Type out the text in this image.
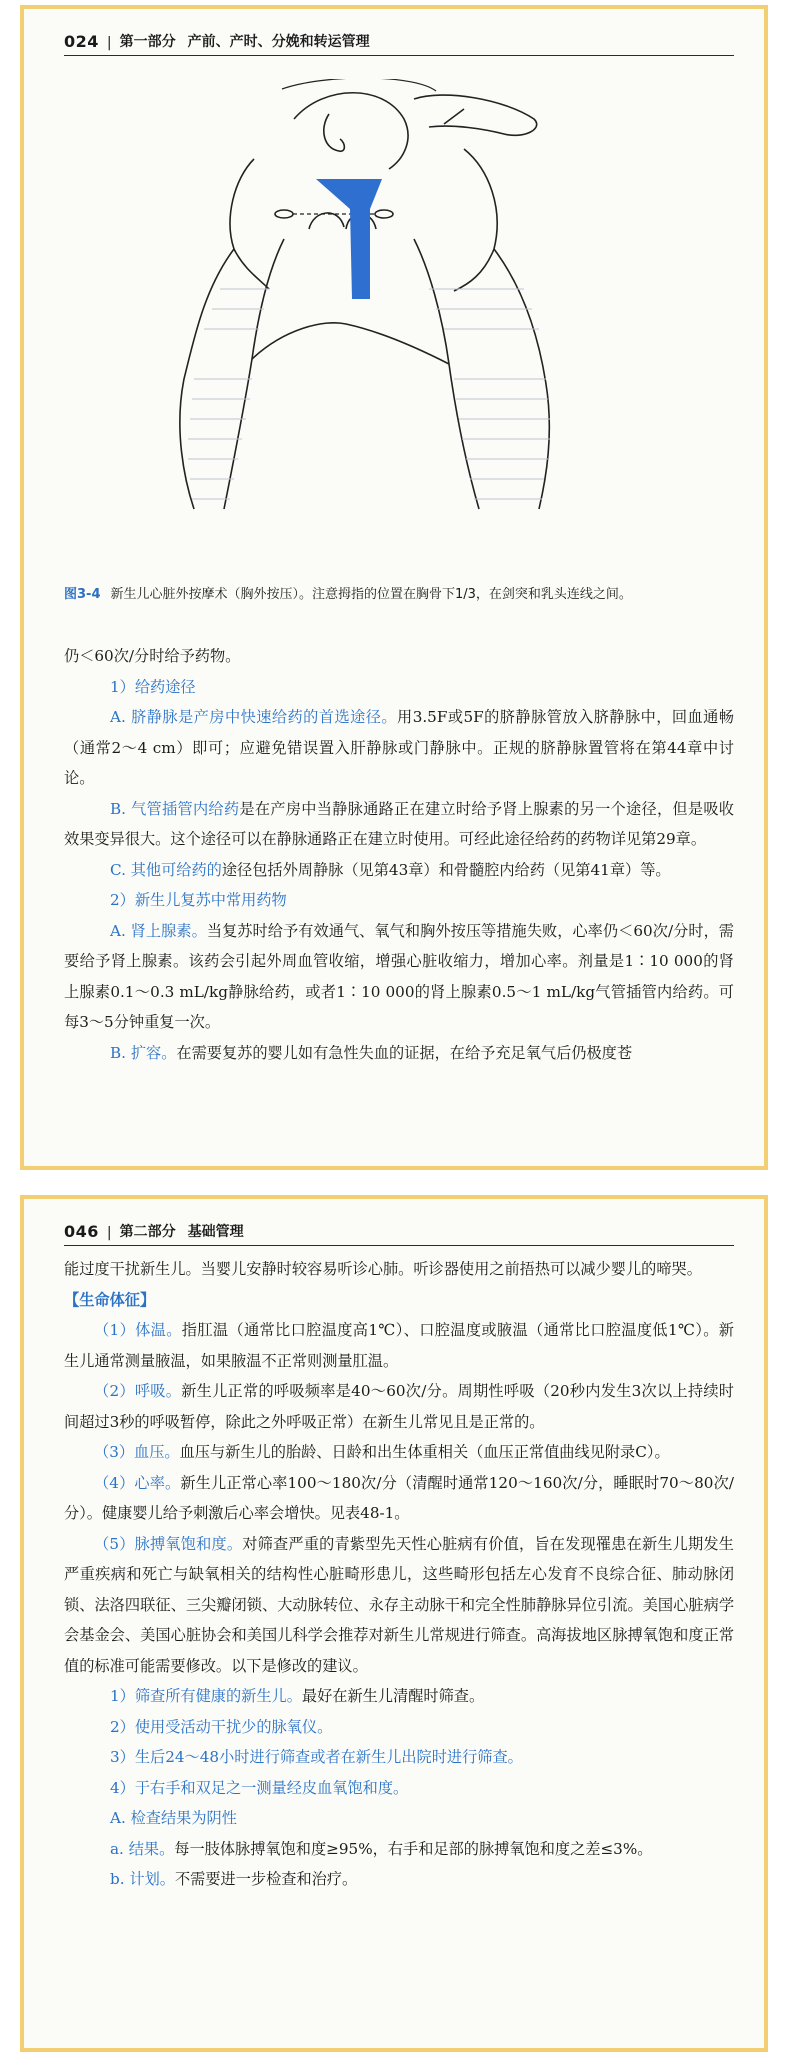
024 | 第一部分 产前、产时、分娩和转运管理
图3-4 新生儿心脏外按摩术（胸外按压）。注意拇指的位置在胸骨下1/3，在剑突和乳头连线之间。

仍＜60次/分时给予药物。

1）给药途径

A. 脐静脉是产房中快速给药的首选途径。用3.5F或5F的脐静脉管放入脐静脉中，回血通畅（通常2～4 cm）即可；应避免错误置入肝静脉或门静脉中。正规的脐静脉置管将在第44章中讨论。

B. 气管插管内给药是在产房中当静脉通路正在建立时给予肾上腺素的另一个途径，但是吸收效果变异很大。这个途径可以在静脉通路正在建立时使用。可经此途径给药的药物详见第29章。

C. 其他可给药的途径包括外周静脉（见第43章）和骨髓腔内给药（见第41章）等。

2）新生儿复苏中常用药物

A. 肾上腺素。当复苏时给予有效通气、氧气和胸外按压等措施失败，心率仍＜60次/分时，需要给予肾上腺素。该药会引起外周血管收缩，增强心脏收缩力，增加心率。剂量是1∶10 000的肾上腺素0.1～0.3 mL/kg静脉给药，或者1∶10 000的肾上腺素0.5～1 mL/kg气管插管内给药。可每3～5分钟重复一次。

B. 扩容。在需要复苏的婴儿如有急性失血的证据，在给予充足氧气后仍极度苍

046 | 第二部分 基础管理

能过度干扰新生儿。当婴儿安静时较容易听诊心肺。听诊器使用之前捂热可以减少婴儿的啼哭。

【生命体征】

（1）体温。指肛温（通常比口腔温度高1℃）、口腔温度或腋温（通常比口腔温度低1℃）。新生儿通常测量腋温，如果腋温不正常则测量肛温。

（2）呼吸。新生儿正常的呼吸频率是40～60次/分。周期性呼吸（20秒内发生3次以上持续时间超过3秒的呼吸暂停，除此之外呼吸正常）在新生儿常见且是正常的。

（3）血压。血压与新生儿的胎龄、日龄和出生体重相关（血压正常值曲线见附录C）。

（4）心率。新生儿正常心率100～180次/分（清醒时通常120～160次/分，睡眠时70～80次/分）。健康婴儿给予刺激后心率会增快。见表48-1。

（5）脉搏氧饱和度。对筛查严重的青紫型先天性心脏病有价值，旨在发现罹患在新生儿期发生严重疾病和死亡与缺氧相关的结构性心脏畸形患儿，这些畸形包括左心发育不良综合征、肺动脉闭锁、法洛四联征、三尖瓣闭锁、大动脉转位、永存主动脉干和完全性肺静脉异位引流。美国心脏病学会基金会、美国心脏协会和美国儿科学会推荐对新生儿常规进行筛查。高海拔地区脉搏氧饱和度正常值的标准可能需要修改。以下是修改的建议。

1）筛查所有健康的新生儿。最好在新生儿清醒时筛查。

2）使用受活动干扰少的脉氧仪。

3）生后24～48小时进行筛查或者在新生儿出院时进行筛查。

4）于右手和双足之一测量经皮血氧饱和度。

A. 检查结果为阴性

a. 结果。每一肢体脉搏氧饱和度≥95%，右手和足部的脉搏氧饱和度之差≤3%。

b. 计划。不需要进一步检查和治疗。
